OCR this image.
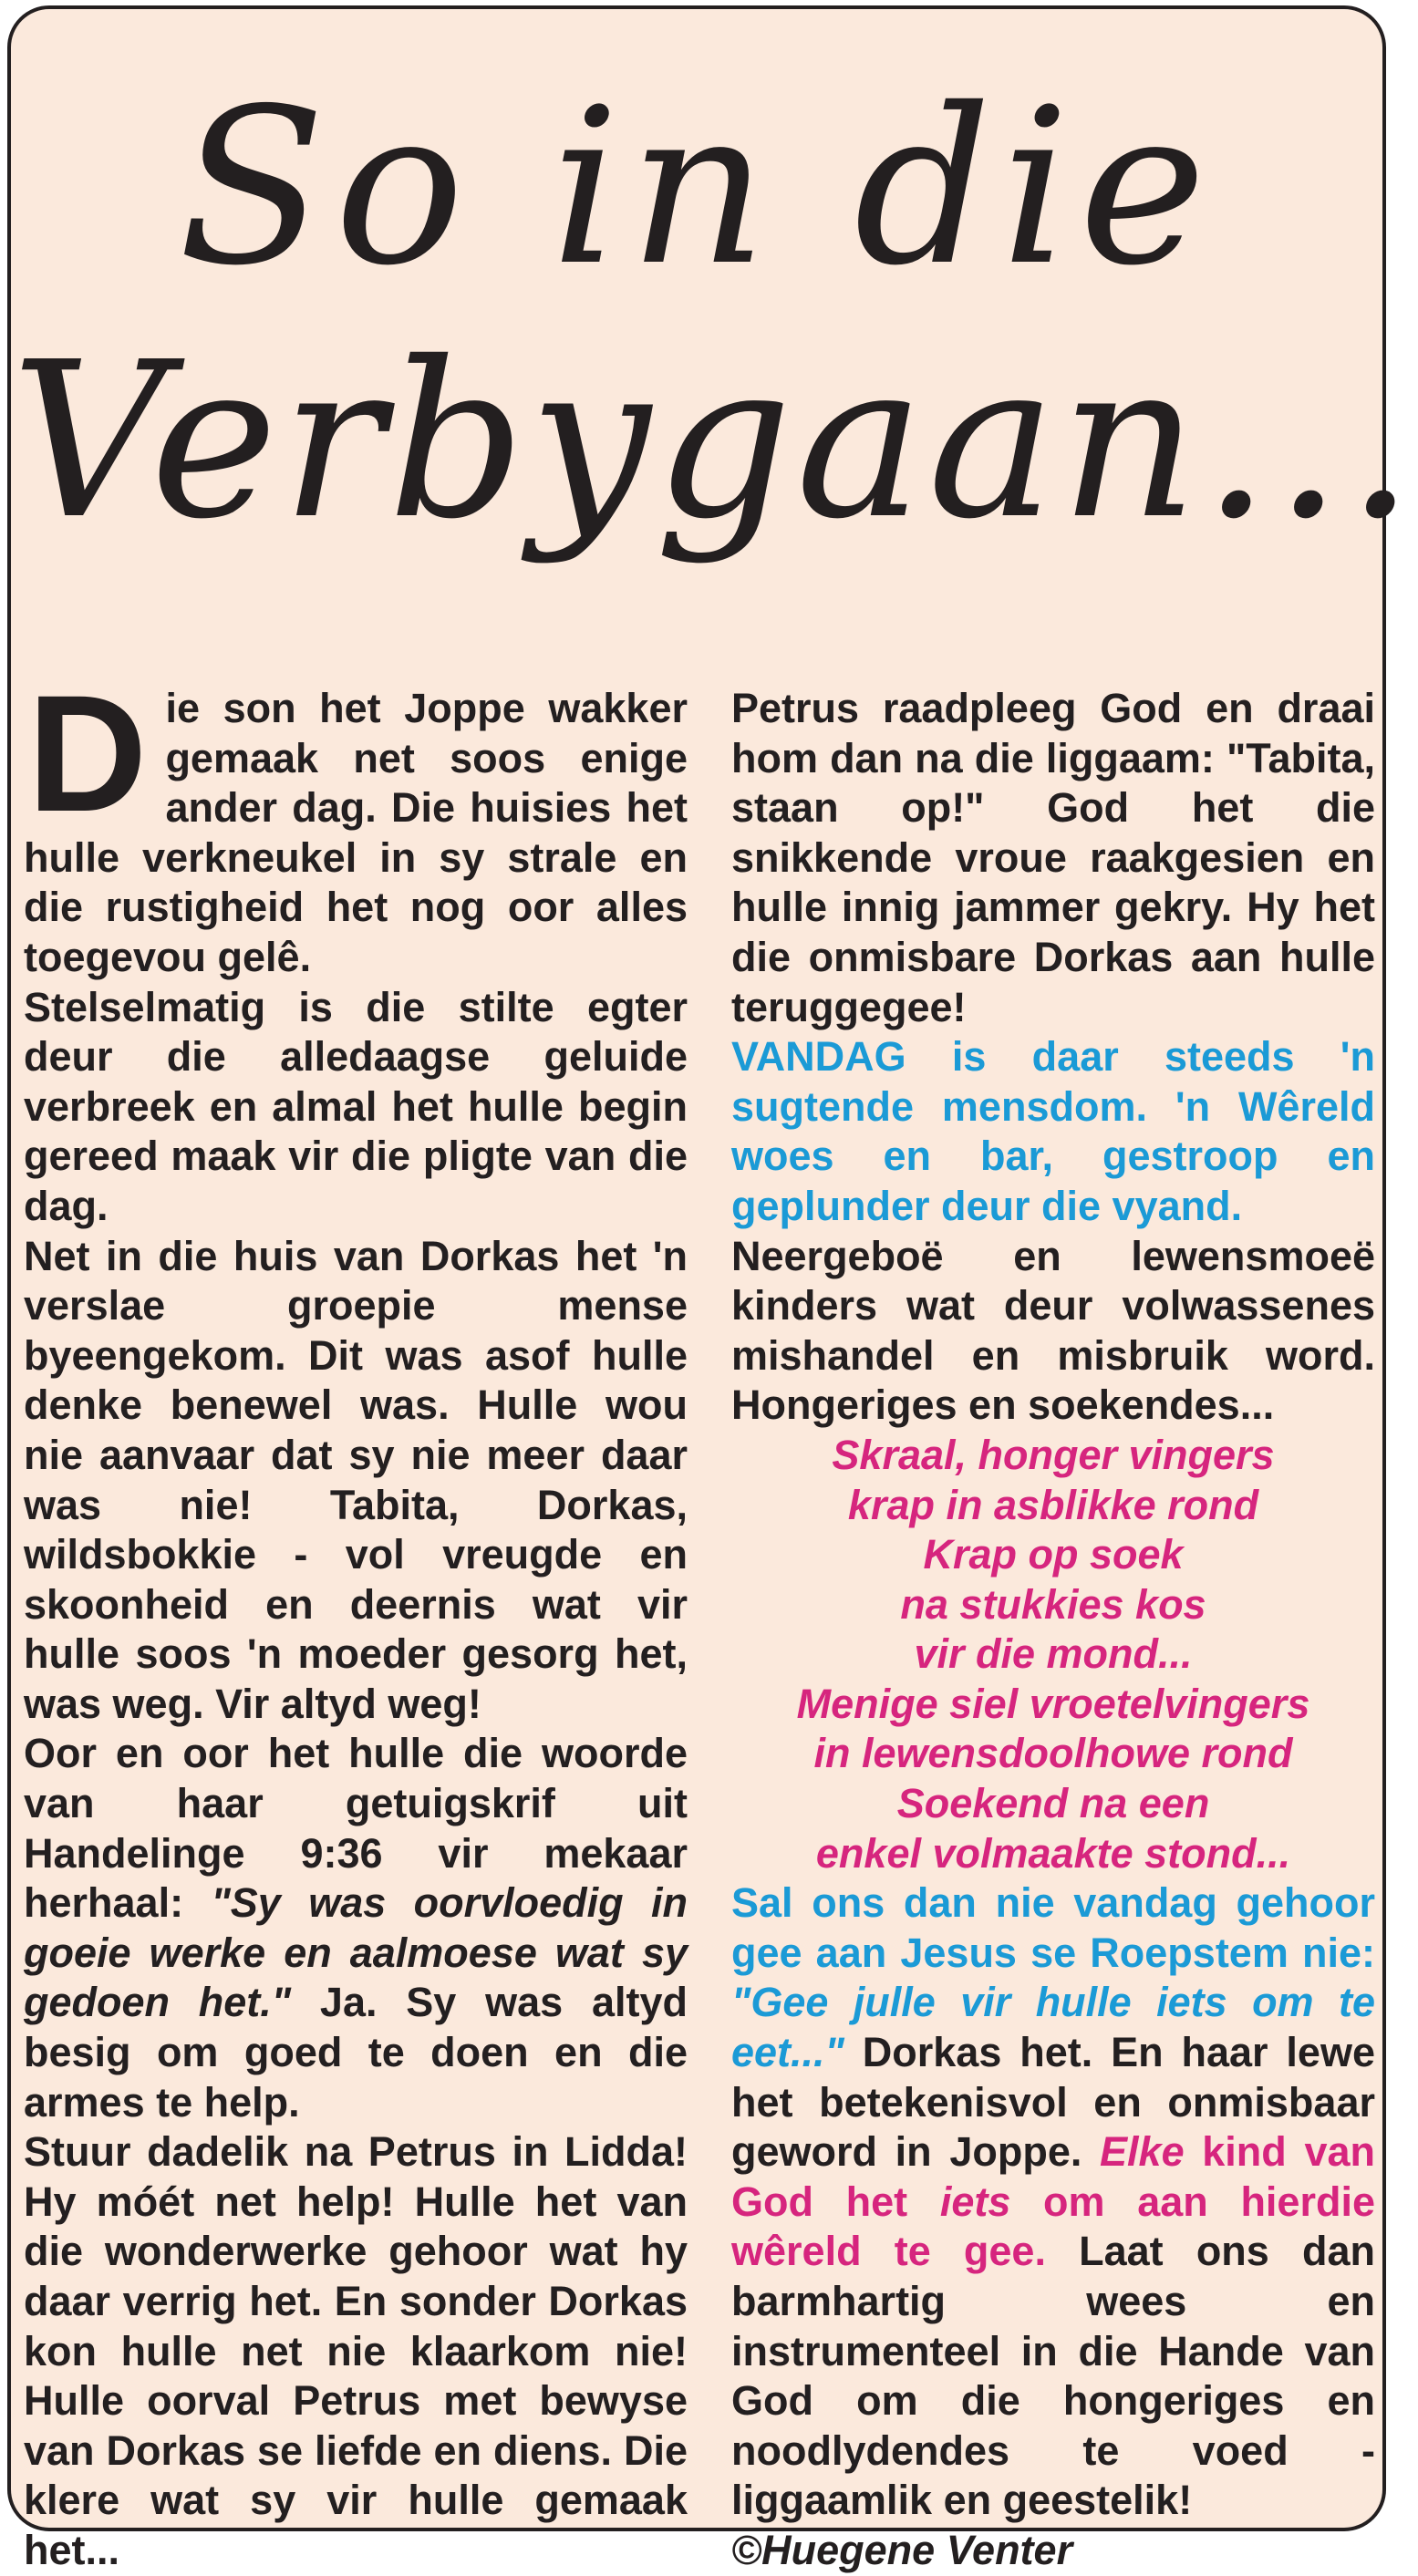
So in die
Verbygaan...

Die son het Joppe wakker gemaak net soos enige ander dag. Die huisies het hulle verkneukel in sy strale en die rustigheid het nog oor alles toegevou gelê.

Stelselmatig is die stilte egter deur die alledaagse geluide verbreek en almal het hulle begin gereed maak vir die pligte van die dag.

Net in die huis van Dorkas het 'n verslae groepie mense byeengekom. Dit was asof hulle denke benewel was. Hulle wou nie aanvaar dat sy nie meer daar was nie! Tabita, Dorkas, wildsbokkie - vol vreugde en skoonheid en deernis wat vir hulle soos 'n moeder gesorg het, was weg. Vir altyd weg!

Oor en oor het hulle die woorde van haar getuigskrif uit Handelinge 9:36 vir mekaar herhaal: "Sy was oorvloedig in goeie werke en aalmoese wat sy gedoen het." Ja. Sy was altyd besig om goed te doen en die armes te help.

Stuur dadelik na Petrus in Lidda! Hy móét net help! Hulle het van die wonderwerke gehoor wat hy daar verrig het. En sonder Dorkas kon hulle net nie klaarkom nie! Hulle oorval Petrus met bewyse van Dorkas se liefde en diens. Die klere wat sy vir hulle gemaak het...

Petrus raadpleeg God en draai hom dan na die liggaam: "Tabita, staan op!" God het die snikkende vroue raakgesien en hulle innig jammer gekry. Hy het die onmisbare Dorkas aan hulle teruggegee!

VANDAG is daar steeds 'n sugtende mensdom. 'n Wêreld woes en bar, gestroop en geplunder deur die vyand.

Neergeboë en lewensmoeë kinders wat deur volwassenes mishandel en misbruik word. Hongeriges en soekendes...

Skraal, honger vingers
krap in asblikke rond
Krap op soek
na stukkies kos
vir die mond...
Menige siel vroetelvingers
in lewensdoolhowe rond
Soekend na een
enkel volmaakte stond...

Sal ons dan nie vandag gehoor gee aan Jesus se Roepstem nie: "Gee julle vir hulle iets om te eet..." Dorkas het. En haar lewe het betekenisvol en onmisbaar geword in Joppe. Elke kind van God het iets om aan hierdie wêreld te gee. Laat ons dan barmhartig wees en instrumenteel in die Hande van God om die hongeriges en noodlydendes te voed - liggaamlik en geestelik!

©Huegene Venter
